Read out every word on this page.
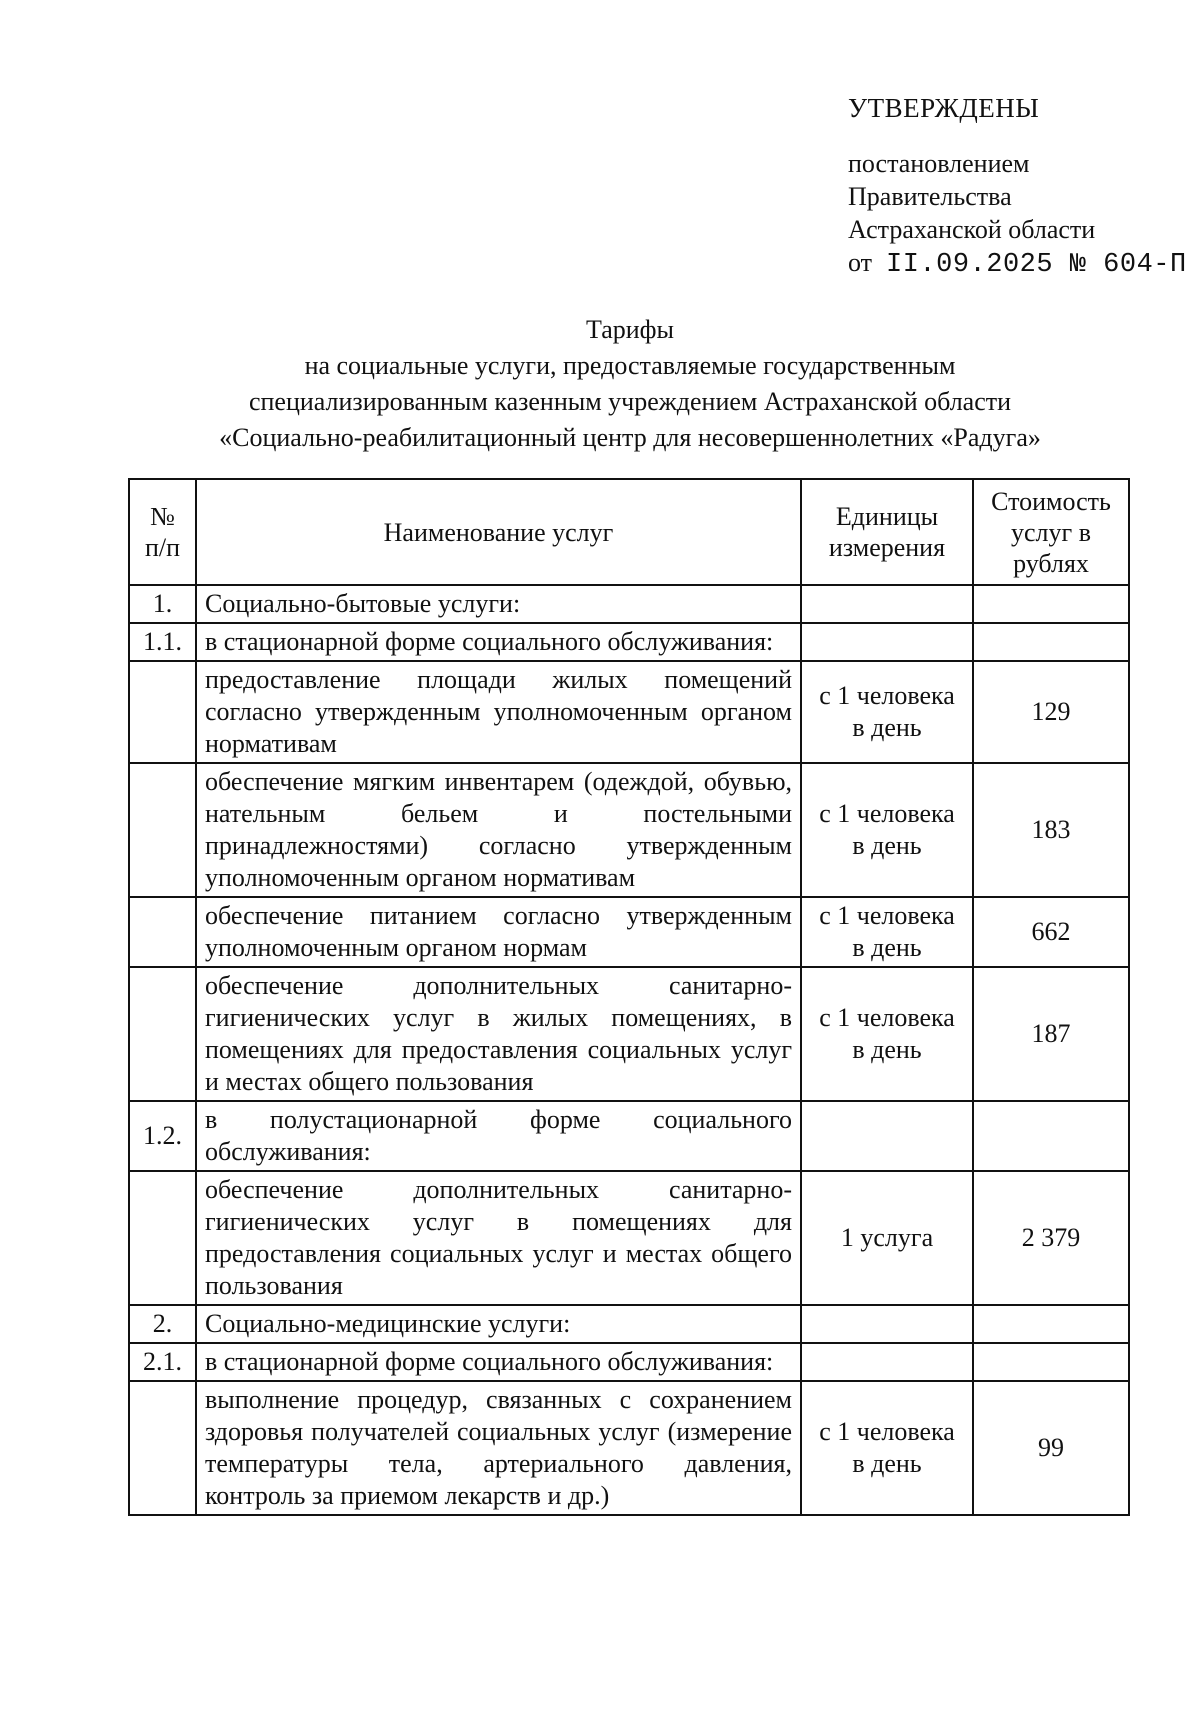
УТВЕРЖДЕНЫ
постановлением
Правительства
Астраханской области
от II.09.2025 № 604-П
Тарифы
на социальные услуги, предоставляемые государственным
специализированным казенным учреждением Астраханской области
«Социально-реабилитационный центр для несовершеннолетних «Радуга»
№ п/п	Наименование услуг	Единицы измерения	Стоимость услуг в рублях
1.	Социально-бытовые услуги:		
1.1.	в стационарной форме социального обслуживания:		
	предоставление площади жилых помещений согласно утвержденным уполномоченным органом нормативам	с 1 человека в день	129
	обеспечение мягким инвентарем (одеждой, обувью, нательным бельем и постельными принадлежностями) согласно утвержденным уполномоченным органом нормативам	с 1 человека в день	183
	обеспечение питанием согласно утвержденным уполномоченным органом нормам	с 1 человека в день	662
	обеспечение дополнительных санитарно-гигиенических услуг в жилых помещениях, в помещениях для предоставления социальных услуг и местах общего пользования	с 1 человека в день	187
1.2.	в полустационарной форме социального обслуживания:		
	обеспечение дополнительных санитарно-гигиенических услуг в помещениях для предоставления социальных услуг и местах общего пользования	1 услуга	2 379
2.	Социально-медицинские услуги:		
2.1.	в стационарной форме социального обслуживания:		
	выполнение процедур, связанных с сохранением здоровья получателей социальных услуг (измерение температуры тела, артериального давления, контроль за приемом лекарств и др.)	с 1 человека в день	99
